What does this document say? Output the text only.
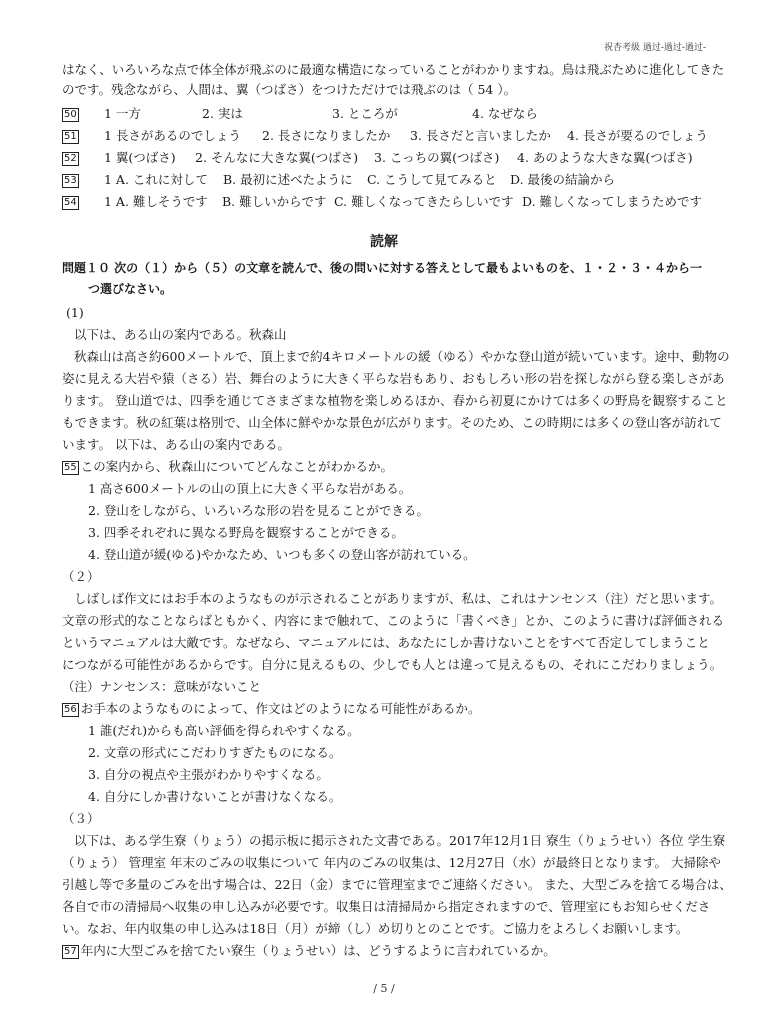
祝杏考級 過过-過过-過过-
はなく、いろいろな点で体全体が飛ぶのに最適な構造になっていることがわかりますね。鳥は飛ぶために進化してきた
のです。残念ながら、人間は、翼（つばさ）をつけただけでは飛ぶのは（ 54 ）。
50 1 一方	2. 実は	3. ところが	4. なぜなら
51 1 長さがあるのでしょう 2. 長さになりましたか 3. 長さだと言いましたか 4. 長さが要るのでしょう
52 1 翼(つばさ) 2. そんなに大きな翼(つばさ) 3. こっちの翼(つばさ) 4. あのような大きな翼(つばさ)
53 1 A. これに対して B. 最初に述べたように C. こうして見てみると D. 最後の結論から
54 1 A. 難しそうです B. 難しいからです C. 難しくなってきたらしいです D. 難しくなってしまうためです
読解
問題１０ 次の（１）から（５）の文章を読んで、後の問いに対する答えとして最もよいものを、１・２・３・４から一
つ選びなさい。
(1)
以下は、ある山の案内である。秋森山
秋森山は高さ約600メートルで、頂上まで約4キロメートルの緩（ゆる）やかな登山道が続いています。途中、動物の
姿に見える大岩や猿（さる）岩、舞台のように大きく平らな岩もあり、おもしろい形の岩を探しながら登る楽しさがあ
ります。 登山道では、四季を通じてさまざまな植物を楽しめるほか、春から初夏にかけては多くの野鳥を観察すること
もできます。秋の紅葉は格別で、山全体に鮮やかな景色が広がります。そのため、この時期には多くの登山客が訪れて
います。 以下は、ある山の案内である。
55 この案内から、秋森山についてどんなことがわかるか。
1 高さ600メートルの山の頂上に大きく平らな岩がある。
2. 登山をしながら、いろいろな形の岩を見ることができる。
3. 四季それぞれに異なる野鳥を観察することができる。
4. 登山道が緩(ゆる)やかなため、いつも多くの登山客が訪れている。
（２）
しばしば作文にはお手本のようなものが示されることがありますが、私は、これはナンセンス（注）だと思います。
文章の形式的なことならばともかく、内容にまで触れて、このように「書くべき」とか、このように書けば評価される
というマニュアルは大敵です。なぜなら、マニュアルには、あなたにしか書けないことをすべて否定してしまうこと
につながる可能性があるからです。自分に見えるもの、少しでも人とは違って見えるもの、それにこだわりましょう。
（注）ナンセンス：意味がないこと
56 お手本のようなものによって、作文はどのようになる可能性があるか。
1 誰(だれ)からも高い評価を得られやすくなる。
2. 文章の形式にこだわりすぎたものになる。
3. 自分の視点や主張がわかりやすくなる。
4. 自分にしか書けないことが書けなくなる。
（３）
以下は、ある学生寮（りょう）の掲示板に掲示された文書である。2017年12月1日 寮生（りょうせい）各位 学生寮
（りょう） 管理室 年末のごみの収集について 年内のごみの収集は、12月27日（水）が最終日となります。 大掃除や
引越し等で多量のごみを出す場合は、22日（金）までに管理室までご連絡ください。 また、大型ごみを捨てる場合は、
各自で市の清掃局へ収集の申し込みが必要です。収集日は清掃局から指定されますので、管理室にもお知らせくださ
い。なお、年内収集の申し込みは18日（月）が締（し）め切りとのことです。ご協力をよろしくお願いします。
57 年内に大型ごみを捨てたい寮生（りょうせい）は、どうするように言われているか。
/ 5 /
